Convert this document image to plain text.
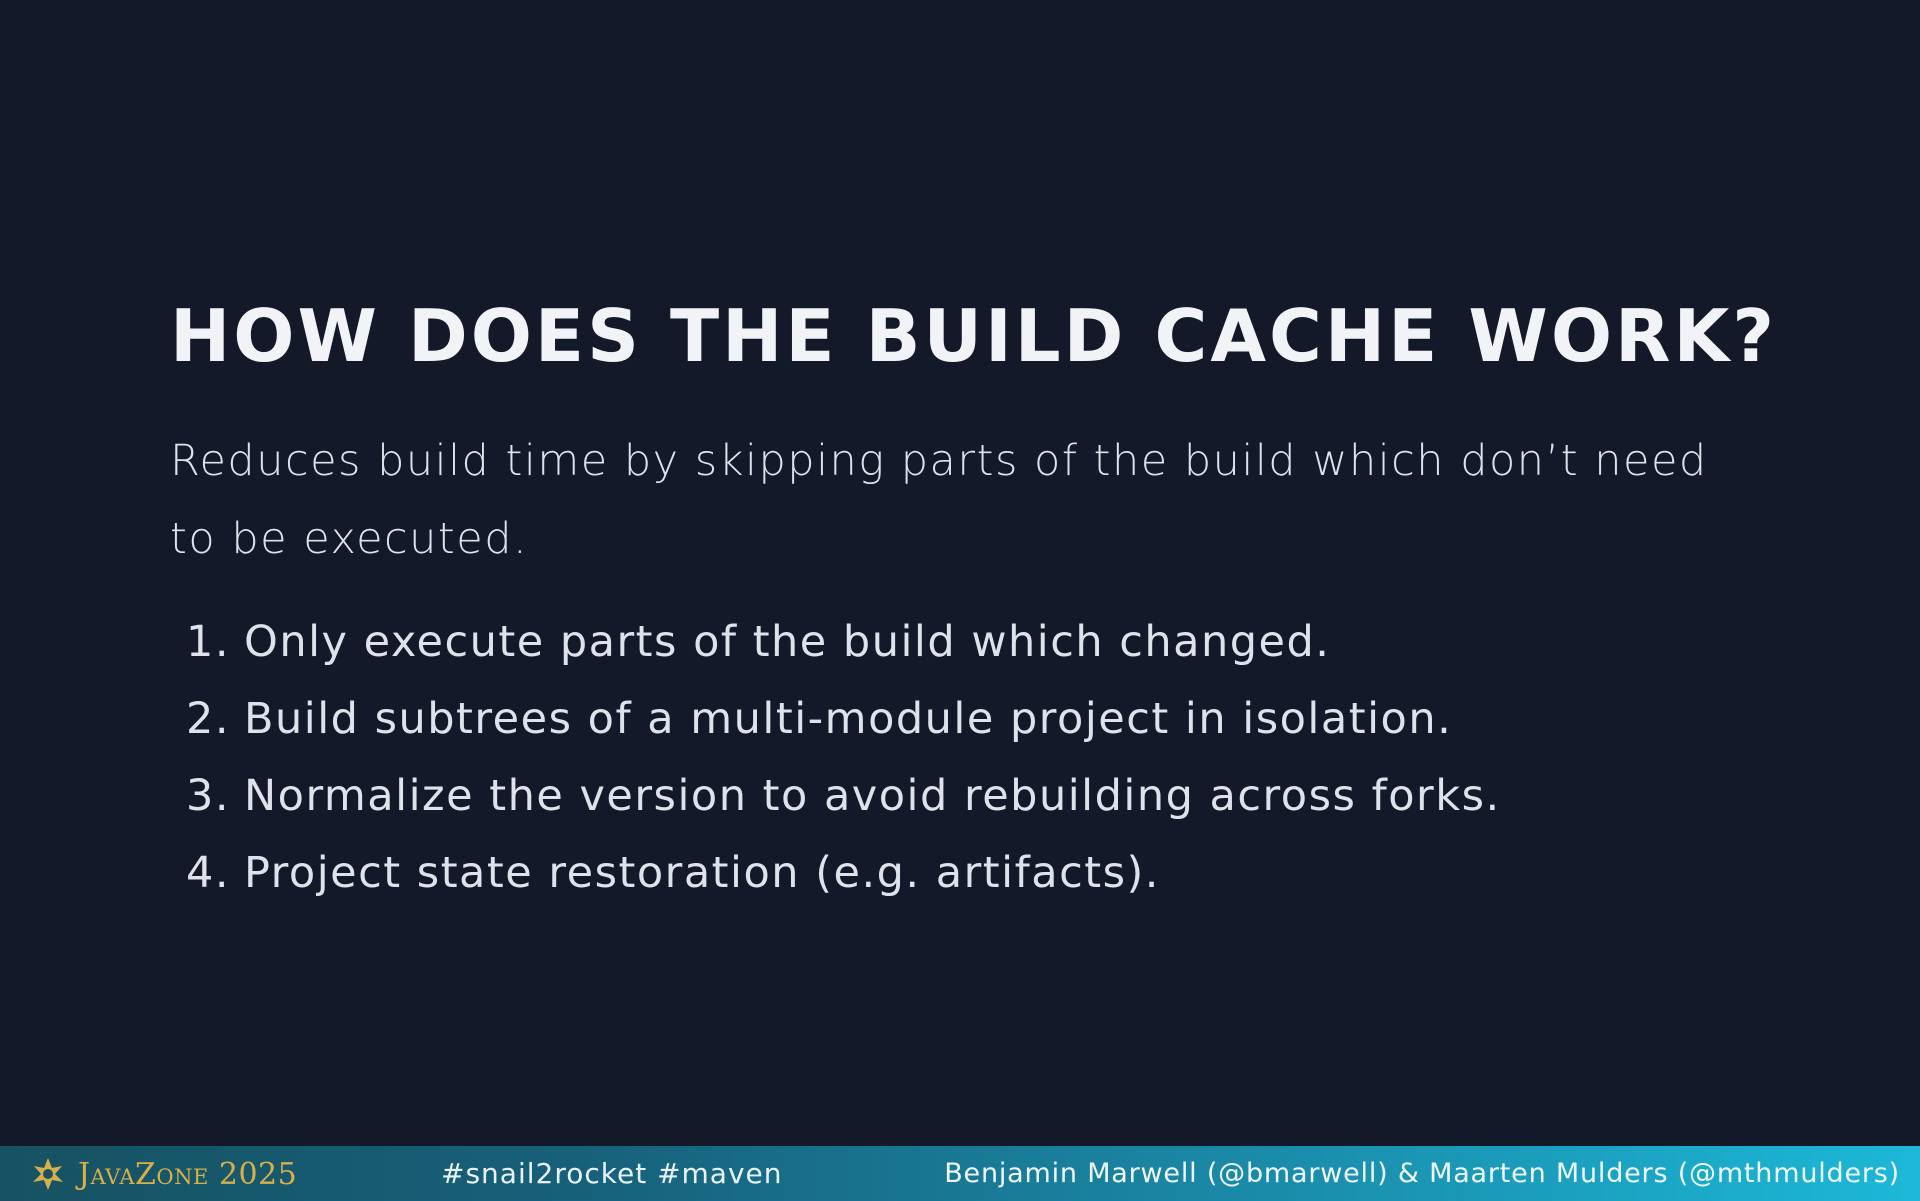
HOW DOES THE BUILD CACHE WORK?

Reduces build time by skipping parts of the build which don’t need to be executed.

1. Only execute parts of the build which changed.
2. Build subtrees of a multi-module project in isolation.
3. Normalize the version to avoid rebuilding across forks.
4. Project state restoration (e.g. artifacts).
JavaZone 2025	#snail2rocket #maven	Benjamin Marwell (@bmarwell) & Maarten Mulders (@mthmulders)
